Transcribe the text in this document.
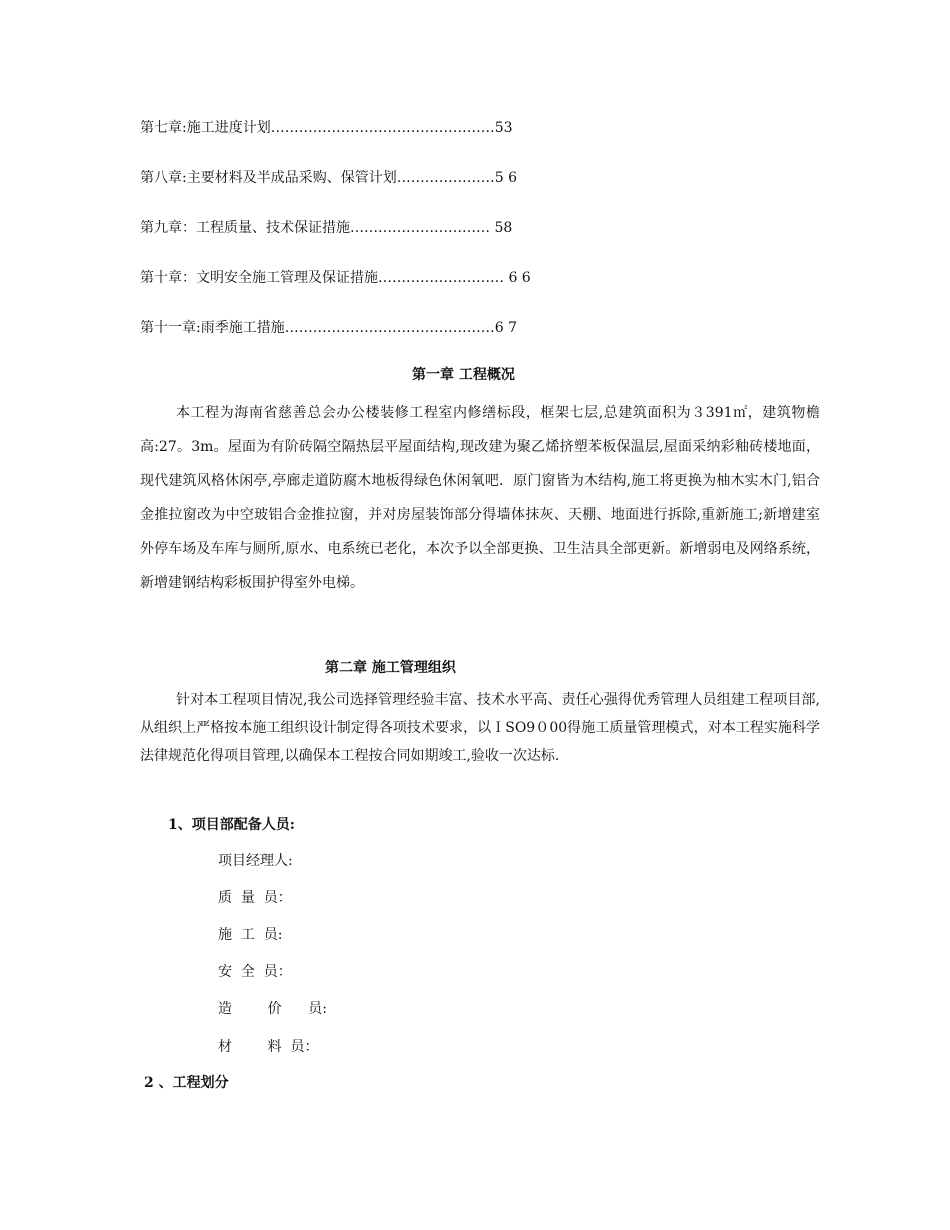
第七章:施工进度计划…………………………………………53
第八章:主要材料及半成品采购、保管计划…………………5 6
第九章：工程质量、技术保证措施………………………… 58
第十章：文明安全施工管理及保证措施……………………… 6 6
第十一章:雨季施工措施………………………………………6 7
第一章 工程概况
本工程为海南省慈善总会办公楼装修工程室内修缮标段，框架七层,总建筑面积为３391㎡，建筑物檐高:27。3m。屋面为有阶砖隔空隔热层平屋面结构,现改建为聚乙烯挤塑苯板保温层,屋面采纳彩釉砖楼地面，现代建筑风格休闲亭,亭廊走道防腐木地板得绿色休闲氧吧．原门窗皆为木结构,施工将更换为柚木实木门,铝合金推拉窗改为中空玻铝合金推拉窗，并对房屋装饰部分得墙体抹灰、天棚、地面进行拆除,重新施工;新增建室外停车场及车库与厕所,原水、电系统已老化，本次予以全部更换、卫生洁具全部更新。新增弱电及网络系统，新增建钢结构彩板围护得室外电梯。
第二章 施工管理组织
针对本工程项目情况,我公司选择管理经验丰富、技术水平高、责任心强得优秀管理人员组建工程项目部,从组织上严格按本施工组织设计制定得各项技术要求，以ＩSO9０00得施工质量管理模式，对本工程实施科学法律规范化得项目管理,以确保本工程按合同如期竣工,验收一次达标.
1、项目部配备人员:
项目经理人:
质  量  员：
施  工  员:
安  全  员：
造        价      员:
材        料  员：
2 、工程划分
